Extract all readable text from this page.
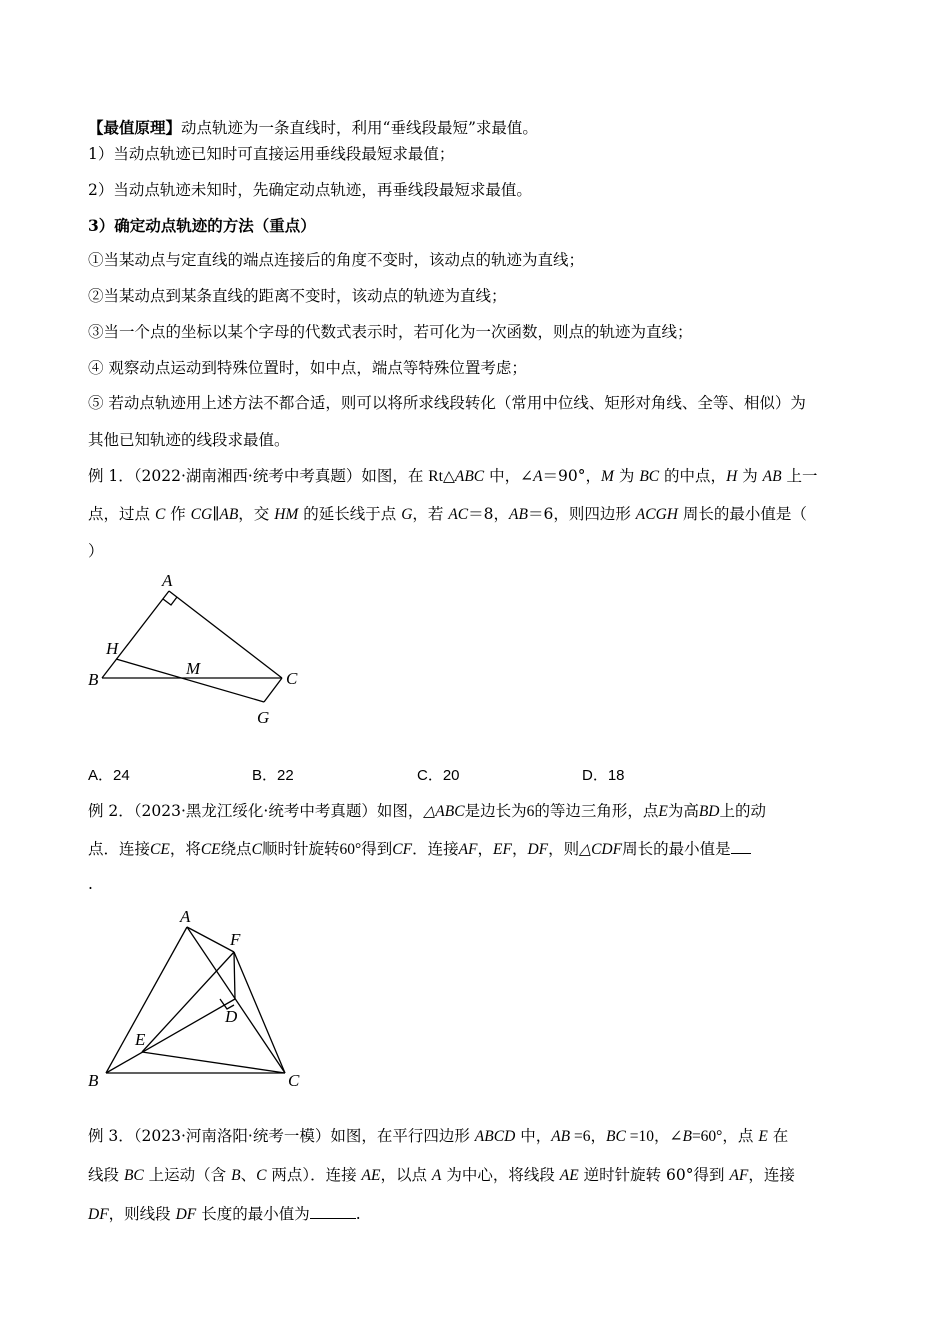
【最值原理】动点轨迹为一条直线时，利用“垂线段最短”求最值。
1）当动点轨迹已知时可直接运用垂线段最短求最值；
2）当动点轨迹未知时，先确定动点轨迹，再垂线段最短求最值。
3）确定动点轨迹的方法（重点）
①当某动点与定直线的端点连接后的角度不变时，该动点的轨迹为直线；
②当某动点到某条直线的距离不变时，该动点的轨迹为直线；
③当一个点的坐标以某个字母的代数式表示时，若可化为一次函数，则点的轨迹为直线；
④ 观察动点运动到特殊位置时，如中点，端点等特殊位置考虑；
⑤ 若动点轨迹用上述方法不都合适，则可以将所求线段转化（常用中位线、矩形对角线、全等、相似）为
其他已知轨迹的线段求最值。
例 1．（2022·湖南湘西·统考中考真题）如图，在 Rt△ABC 中，∠A＝90°，M 为 BC 的中点，H 为 AB 上一
点，过点 C 作 CG∥AB，交 HM 的延长线于点 G，若 AC＝8，AB＝6，则四边形 ACGH 周长的最小值是（
）
A
H
B
M
C
G
A．24	B．22	C．20	D．18
例 2．（2023·黑龙江绥化·统考中考真题）如图，△ABC是边长为6的等边三角形，点E为高BD上的动
点．连接CE，将CE绕点C顺时针旋转60°得到CF．连接AF，EF，DF，则△CDF周长的最小值是
.
A
F
D
E
B	C
例 3．（2023·河南洛阳·统考一模）如图，在平行四边形 ABCD 中，AB =6，BC =10，∠B=60°，点 E 在
线段 BC 上运动（含 B、C 两点）．连接 AE，以点 A 为中心，将线段 AE 逆时针旋转 60°得到 AF，连接
DF，则线段 DF 长度的最小值为	.
